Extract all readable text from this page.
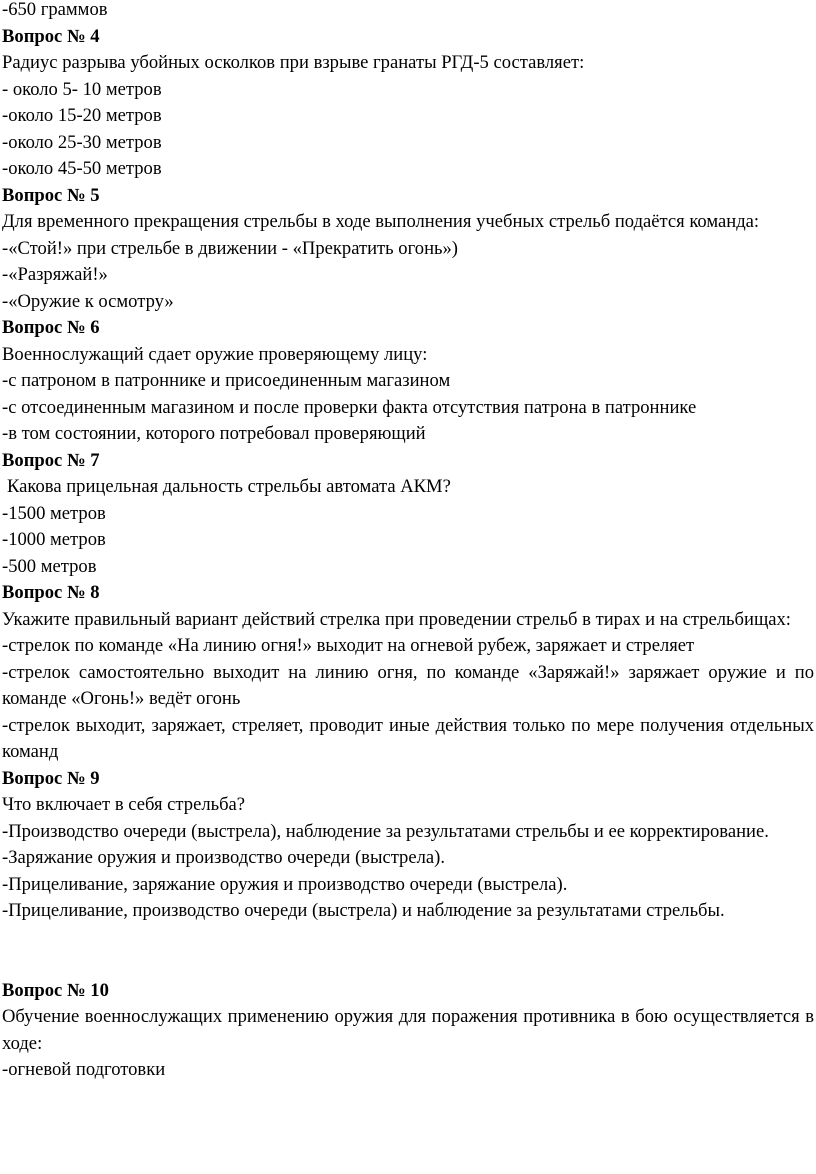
-650 граммов
Вопрос № 4
Радиус разрыва убойных осколков при взрыве гранаты РГД-5 составляет:
- около 5- 10 метров
-около 15-20 метров
-около 25-30 метров
-около 45-50 метров
Вопрос № 5
Для временного прекращения стрельбы в ходе выполнения учебных стрельб подаётся команда:
-«Стой!» при стрельбе в движении - «Прекратить огонь»)
-«Разряжай!»
-«Оружие к осмотру»
Вопрос № 6
Военнослужащий сдает оружие проверяющему лицу:
-с патроном в патроннике и присоединенным магазином
-с отсоединенным магазином и после проверки факта отсутствия патрона в патроннике
-в том состоянии, которого потребовал проверяющий
Вопрос № 7
Какова прицельная дальность стрельбы автомата АКМ?
-1500 метров
-1000 метров
-500 метров
Вопрос № 8
Укажите правильный вариант действий стрелка при проведении стрельб в тирах и на стрельбищах:
-стрелок по команде «На линию огня!» выходит на огневой рубеж, заряжает и стреляет
-стрелок самостоятельно выходит на линию огня, по команде «Заряжай!» заряжает оружие и по команде «Огонь!» ведёт огонь
-стрелок выходит, заряжает, стреляет, проводит иные действия только по мере получения отдельных команд
Вопрос № 9
Что включает в себя стрельба?
-Производство очереди (выстрела), наблюдение за результатами стрельбы и ее корректирование.
-Заряжание оружия и производство очереди (выстрела).
-Прицеливание, заряжание оружия и производство очереди (выстрела).
-Прицеливание, производство очереди (выстрела) и наблюдение за результатами стрельбы.
Вопрос № 10
Обучение военнослужащих применению оружия для поражения противника в бою осуществляется в ходе:
-огневой подготовки
